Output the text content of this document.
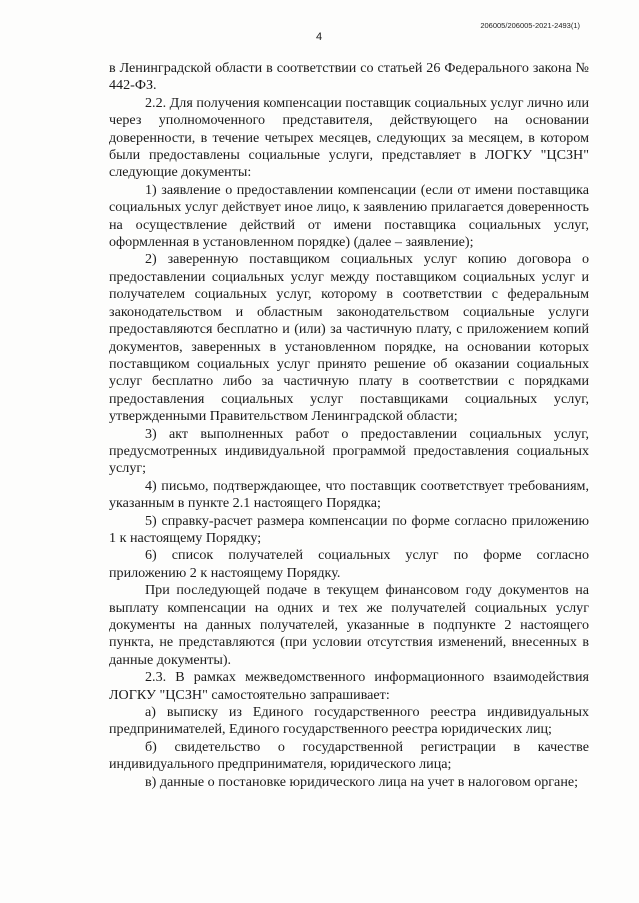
4
206005/206005-2021-2493(1)

в Ленинградской области в соответствии со статьей 26 Федерального закона № 442-ФЗ.

2.2. Для получения компенсации поставщик социальных услуг лично или через уполномоченного представителя, действующего на основании доверенности, в течение четырех месяцев, следующих за месяцем, в котором были предоставлены социальные услуги, представляет в ЛОГКУ "ЦСЗН" следующие документы:

1) заявление о предоставлении компенсации (если от имени поставщика социальных услуг действует иное лицо, к заявлению прилагается доверенность на осуществление действий от имени поставщика социальных услуг, оформленная в установленном порядке) (далее – заявление);

2) заверенную поставщиком социальных услуг копию договора о предоставлении социальных услуг между поставщиком социальных услуг и получателем социальных услуг, которому в соответствии с федеральным законодательством и областным законодательством социальные услуги предоставляются бесплатно и (или) за частичную плату, с приложением копий документов, заверенных в установленном порядке, на основании которых поставщиком социальных услуг принято решение об оказании социальных услуг бесплатно либо за частичную плату в соответствии с порядками предоставления социальных услуг поставщиками социальных услуг, утвержденными Правительством Ленинградской области;

3) акт выполненных работ о предоставлении социальных услуг, предусмотренных индивидуальной программой предоставления социальных услуг;

4) письмо, подтверждающее, что поставщик соответствует требованиям, указанным в пункте 2.1 настоящего Порядка;

5) справку-расчет размера компенсации по форме согласно приложению 1 к настоящему Порядку;

6) список получателей социальных услуг по форме согласно приложению 2 к настоящему Порядку.

При последующей подаче в текущем финансовом году документов на выплату компенсации на одних и тех же получателей социальных услуг документы на данных получателей, указанные в подпункте 2 настоящего пункта, не представляются (при условии отсутствия изменений, внесенных в данные документы).

2.3. В рамках межведомственного информационного взаимодействия ЛОГКУ "ЦСЗН" самостоятельно запрашивает:

а) выписку из Единого государственного реестра индивидуальных предпринимателей, Единого государственного реестра юридических лиц;

б) свидетельство о государственной регистрации в качестве индивидуального предпринимателя, юридического лица;

в) данные о постановке юридического лица на учет в налоговом органе;
